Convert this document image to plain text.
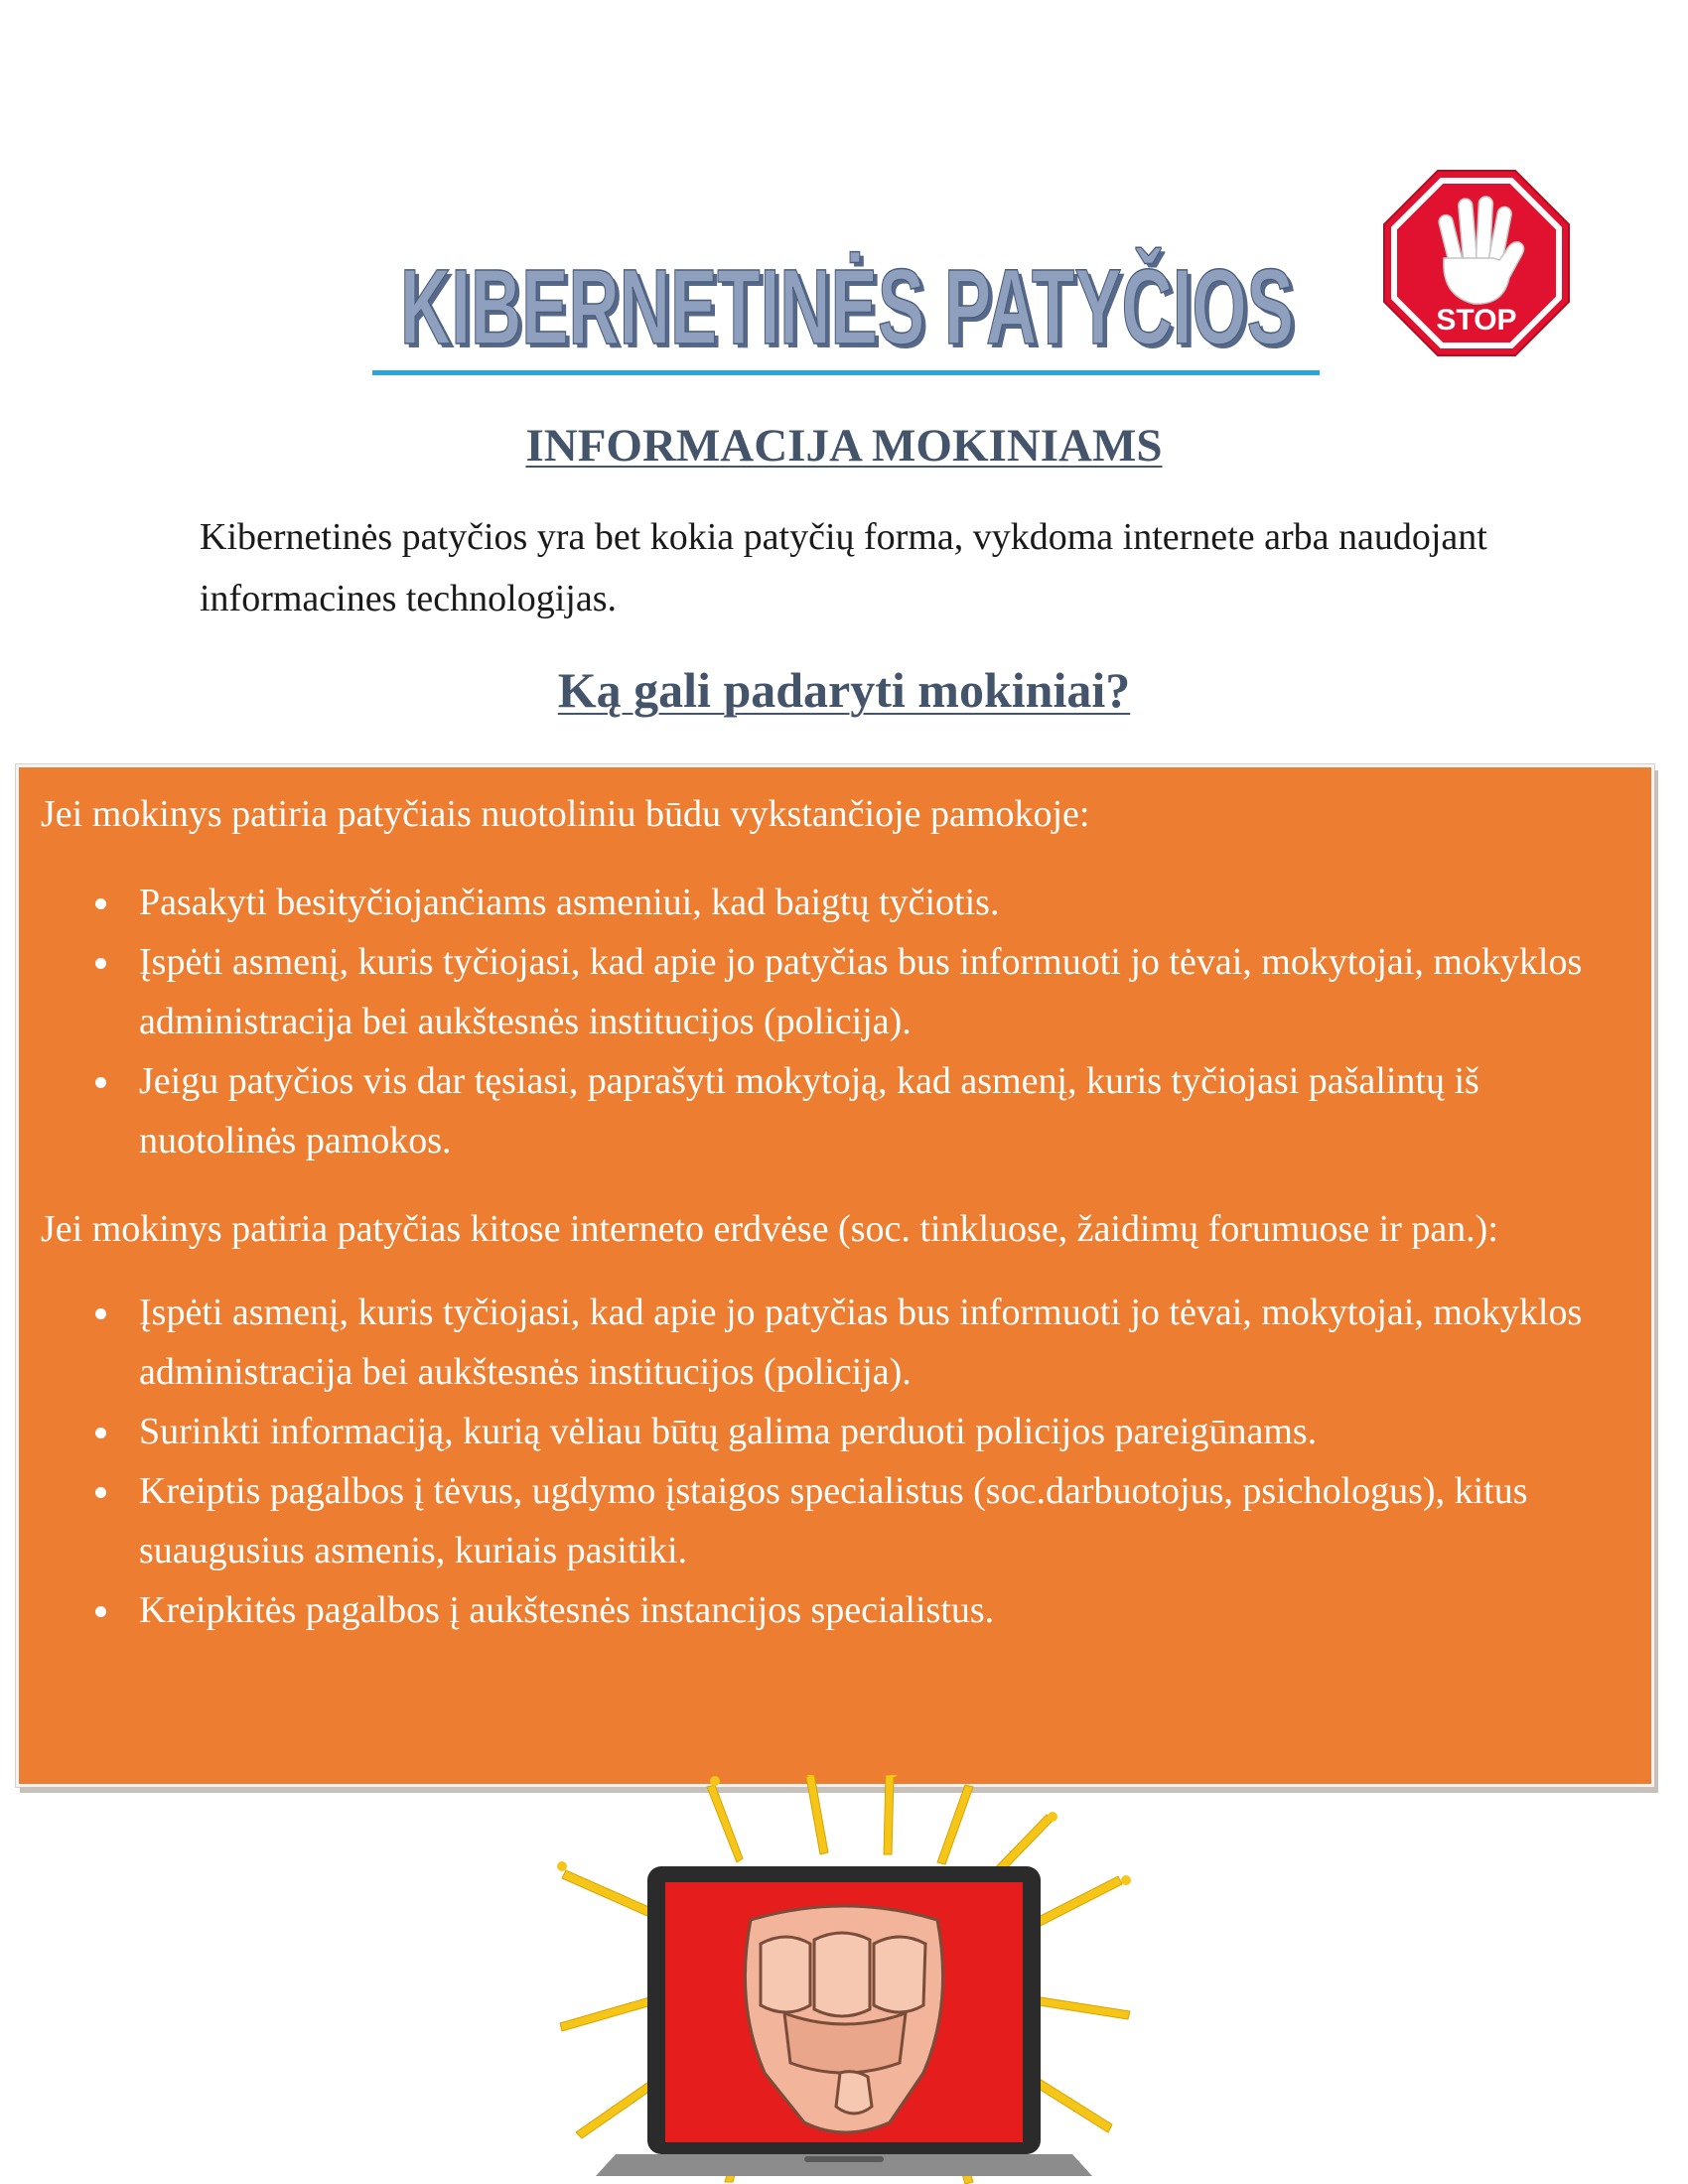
KIBERNETINĖS PATYČIOS
KIBERNETINĖS PATYČIOS	STOP
INFORMACIJA MOKINIAMS
Kibernetinės patyčios yra bet kokia patyčių forma, vykdoma internete arba naudojant informacines technologijas.
Ką gali padaryti mokiniai?
Jei mokinys patiria patyčiais nuotoliniu būdu vykstančioje pamokoje:
Pasakyti besityčiojančiams asmeniui, kad baigtų tyčiotis.
Įspėti asmenį, kuris tyčiojasi, kad apie jo patyčias bus informuoti jo tėvai, mokytojai, mokyklos administracija bei aukštesnės institucijos (policija).
Jeigu patyčios vis dar tęsiasi, paprašyti mokytoją, kad asmenį, kuris tyčiojasi pašalintų iš nuotolinės pamokos.
Jei mokinys patiria patyčias kitose interneto erdvėse (soc. tinkluose, žaidimų forumuose ir pan.):
Įspėti asmenį, kuris tyčiojasi, kad apie jo patyčias bus informuoti jo tėvai, mokytojai, mokyklos administracija bei aukštesnės institucijos (policija).
Surinkti informaciją, kurią vėliau būtų galima perduoti policijos pareigūnams.
Kreiptis pagalbos į tėvus, ugdymo įstaigos specialistus (soc.darbuotojus, psichologus), kitus suaugusius asmenis, kuriais pasitiki.
Kreipkitės pagalbos į aukštesnės instancijos specialistus.
